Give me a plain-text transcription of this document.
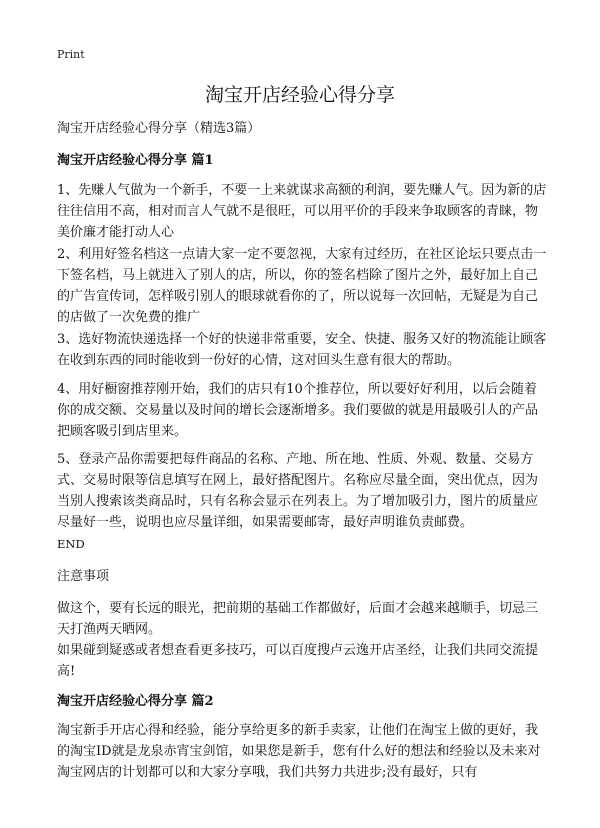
Print
淘宝开店经验心得分享

淘宝开店经验心得分享（精选3篇）

淘宝开店经验心得分享 篇1

1、先赚人气做为一个新手，不要一上来就谋求高额的利润，要先赚人气。因为新的店往往信用不高，相对而言人气就不是很旺，可以用平价的手段来争取顾客的青睐，物美价廉才能打动人心

2、利用好签名档这一点请大家一定不要忽视，大家有过经历，在社区论坛只要点击一下签名档，马上就进入了别人的店，所以，你的签名档除了图片之外，最好加上自己的广告宣传词，怎样吸引别人的眼球就看你的了，所以说每一次回帖，无疑是为自己的店做了一次免费的推广

3、选好物流快递选择一个好的快递非常重要，安全、快捷、服务又好的物流能让顾客在收到东西的同时能收到一份好的心情，这对回头生意有很大的帮助。

4、用好橱窗推荐刚开始，我们的店只有10个推荐位，所以要好好利用，以后会随着你的成交额、交易量以及时间的增长会逐渐增多。我们要做的就是用最吸引人的产品把顾客吸引到店里来。

5、登录产品你需要把每件商品的名称、产地、所在地、性质、外观、数量、交易方式、交易时限等信息填写在网上，最好搭配图片。名称应尽量全面，突出优点，因为当别人搜索该类商品时，只有名称会显示在列表上。为了增加吸引力，图片的质量应尽量好一些，说明也应尽量详细，如果需要邮寄，最好声明谁负责邮费。

END

注意事项

做这个，要有长远的眼光，把前期的基础工作都做好，后面才会越来越顺手，切忌三天打渔两天晒网。

如果碰到疑惑或者想查看更多技巧，可以百度搜卢云逸开店圣经，让我们共同交流提高!

淘宝开店经验心得分享 篇2

淘宝新手开店心得和经验，能分享给更多的新手卖家，让他们在淘宝上做的更好，我的淘宝ID就是龙泉赤宵宝剑馆，如果您是新手，您有什么好的想法和经验以及未来对淘宝网店的计划都可以和大家分享哦，我们共努力共进步;没有最好，只有
